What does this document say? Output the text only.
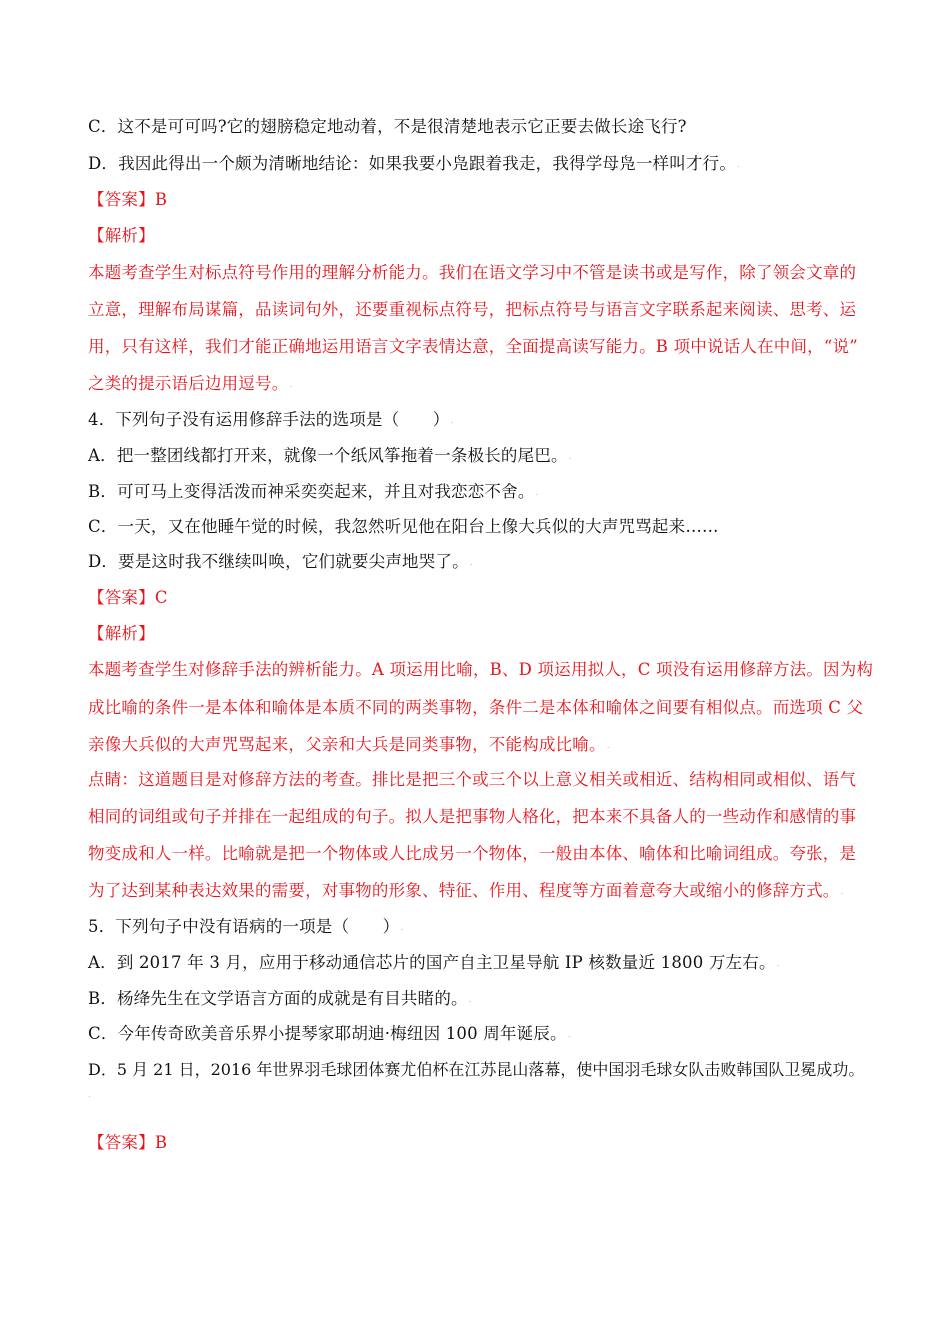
C．这不是可可吗?它的翅膀稳定地动着，不是很清楚地表示它正要去做长途飞行?
D．我因此得出一个颇为清晰地结论：如果我要小凫跟着我走，我得学母凫一样叫才行。.
【答案】B
【解析】
本题考查学生对标点符号作用的理解分析能力。我们在语文学习中不管是读书或是写作，除了领会文章的
立意，理解布局谋篇，品读词句外，还要重视标点符号，把标点符号与语言文字联系起来阅读、思考、运
用，只有这样，我们才能正确地运用语言文字表情达意，全面提高读写能力。B 项中说话人在中间，“说”
之类的提示语后边用逗号。.
4．下列句子没有运用修辞手法的选项是（　　）.
A．把一整团线都打开来，就像一个纸风筝拖着一条极长的尾巴。.
B．可可马上变得活泼而神采奕奕起来，并且对我恋恋不舍。.
C．一天，又在他睡午觉的时候，我忽然听见他在阳台上像大兵似的大声咒骂起来……
D．要是这时我不继续叫唤，它们就要尖声地哭了。.
【答案】C
【解析】
本题考查学生对修辞手法的辨析能力。A 项运用比喻，B、D 项运用拟人，C 项没有运用修辞方法。因为构
成比喻的条件一是本体和喻体是本质不同的两类事物，条件二是本体和喻体之间要有相似点。而选项 C 父
亲像大兵似的大声咒骂起来，父亲和大兵是同类事物，不能构成比喻。.
点睛：这道题目是对修辞方法的考查。排比是把三个或三个以上意义相关或相近、结构相同或相似、语气
相同的词组或句子并排在一起组成的句子。拟人是把事物人格化，把本来不具备人的一些动作和感情的事
物变成和人一样。比喻就是把一个物体或人比成另一个物体，一般由本体、喻体和比喻词组成。夸张，是
为了达到某种表达效果的需要，对事物的形象、特征、作用、程度等方面着意夸大或缩小的修辞方式。.
5．下列句子中没有语病的一项是（　　）.
A．到 2017 年 3 月，应用于移动通信芯片的国产自主卫星导航 IP 核数量近 1800 万左右。.
B．杨绛先生在文学语言方面的成就是有目共睹的。.
C．今年传奇欧美音乐界小提琴家耶胡迪·梅纽因 100 周年诞辰。.
D．5 月 21 日，2016 年世界羽毛球团体赛尤伯杯在江苏昆山落幕，使中国羽毛球女队击败韩国队卫冕成功。
.
【答案】B
